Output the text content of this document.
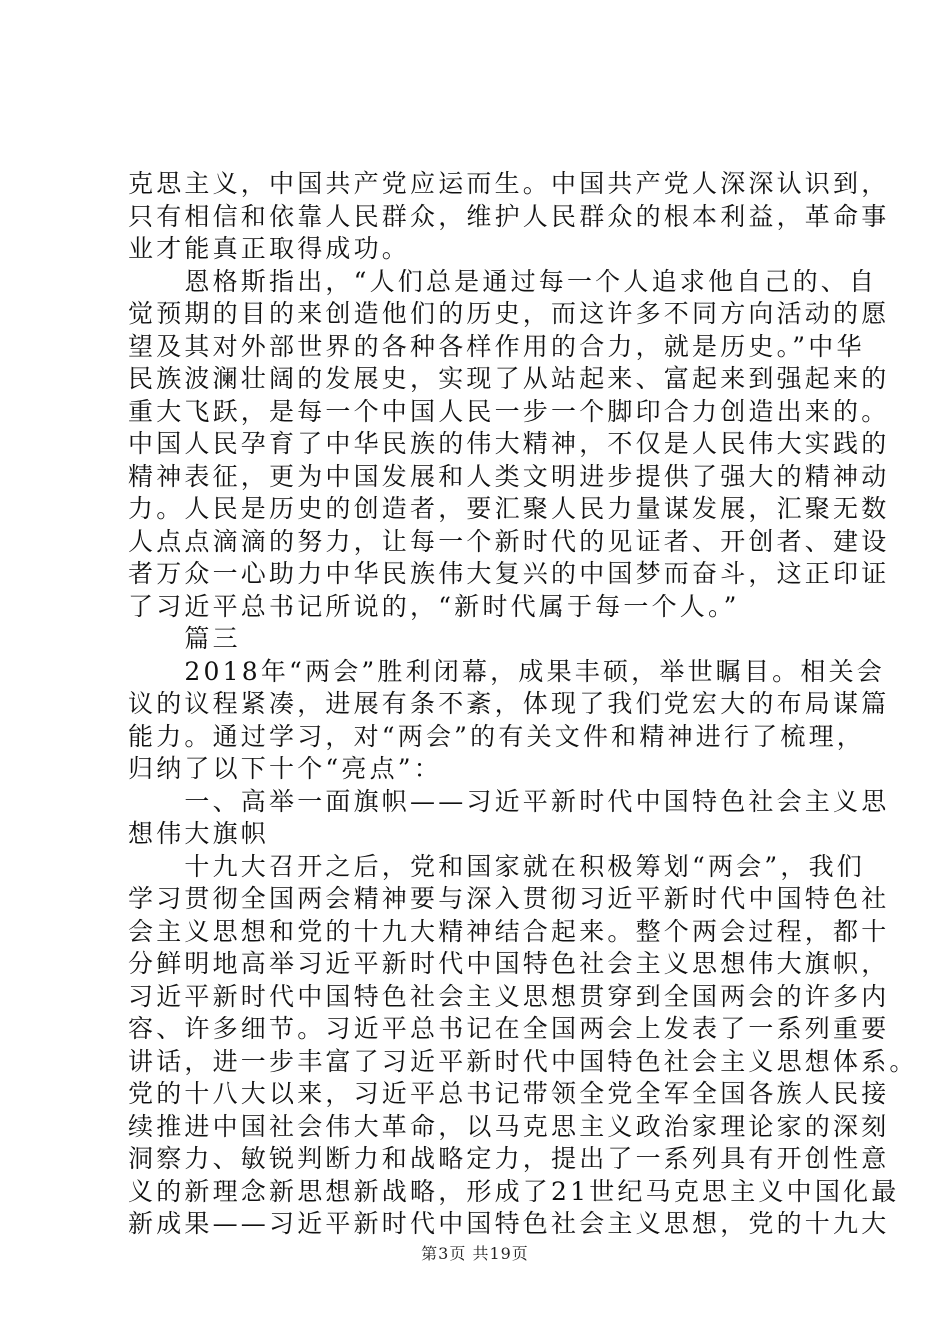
克思主义，中国共产党应运而生。中国共产党人深深认识到，
只有相信和依靠人民群众，维护人民群众的根本利益，革命事
业才能真正取得成功。
　　恩格斯指出，“人们总是通过每一个人追求他自己的、自
觉预期的目的来创造他们的历史，而这许多不同方向活动的愿
望及其对外部世界的各种各样作用的合力，就是历史。”中华
民族波澜壮阔的发展史，实现了从站起来、富起来到强起来的
重大飞跃，是每一个中国人民一步一个脚印合力创造出来的。
中国人民孕育了中华民族的伟大精神，不仅是人民伟大实践的
精神表征，更为中国发展和人类文明进步提供了强大的精神动
力。人民是历史的创造者，要汇聚人民力量谋发展，汇聚无数
人点点滴滴的努力，让每一个新时代的见证者、开创者、建设
者万众一心助力中华民族伟大复兴的中国梦而奋斗，这正印证
了习近平总书记所说的，“新时代属于每一个人。”
　　篇三
　　2018年“两会”胜利闭幕，成果丰硕，举世瞩目。相关会
议的议程紧凑，进展有条不紊，体现了我们党宏大的布局谋篇
能力。通过学习，对“两会”的有关文件和精神进行了梳理，
归纳了以下十个“亮点”：
　　一、高举一面旗帜——习近平新时代中国特色社会主义思
想伟大旗帜
　　十九大召开之后，党和国家就在积极筹划“两会”，我们
学习贯彻全国两会精神要与深入贯彻习近平新时代中国特色社
会主义思想和党的十九大精神结合起来。整个两会过程，都十
分鲜明地高举习近平新时代中国特色社会主义思想伟大旗帜，
习近平新时代中国特色社会主义思想贯穿到全国两会的许多内
容、许多细节。习近平总书记在全国两会上发表了一系列重要
讲话，进一步丰富了习近平新时代中国特色社会主义思想体系。
党的十八大以来，习近平总书记带领全党全军全国各族人民接
续推进中国社会伟大革命，以马克思主义政治家理论家的深刻
洞察力、敏锐判断力和战略定力，提出了一系列具有开创性意
义的新理念新思想新战略，形成了21世纪马克思主义中国化最
新成果——习近平新时代中国特色社会主义思想，党的十九大
第3页 共19页
